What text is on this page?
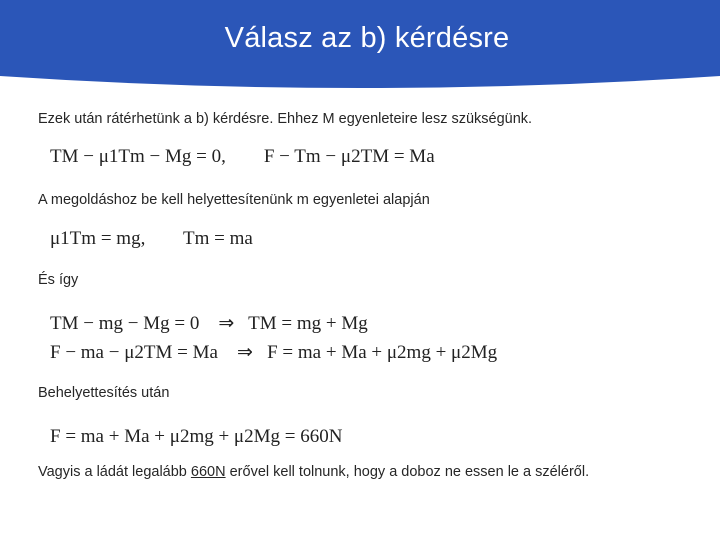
Válasz az b) kérdésre
Ezek után rátérhetünk a b) kérdésre. Ehhez M egyenleteire lesz szükségünk.
TM − μ1Tm − Mg = 0,        F − Tm − μ2TM = Ma
A megoldáshoz be kell helyettesítenünk m egyenletei alapján
μ1Tm = mg,        Tm = ma
És így
TM − mg − Mg = 0    ⇒   TM = mg + Mg
F − ma − μ2TM = Ma    ⇒   F = ma + Ma + μ2mg + μ2Mg
Behelyettesítés után
F = ma + Ma + μ2mg + μ2Mg = 660N
Vagyis a ládát legalább 660N erővel kell tolnunk, hogy a doboz ne essen le a széléről.
